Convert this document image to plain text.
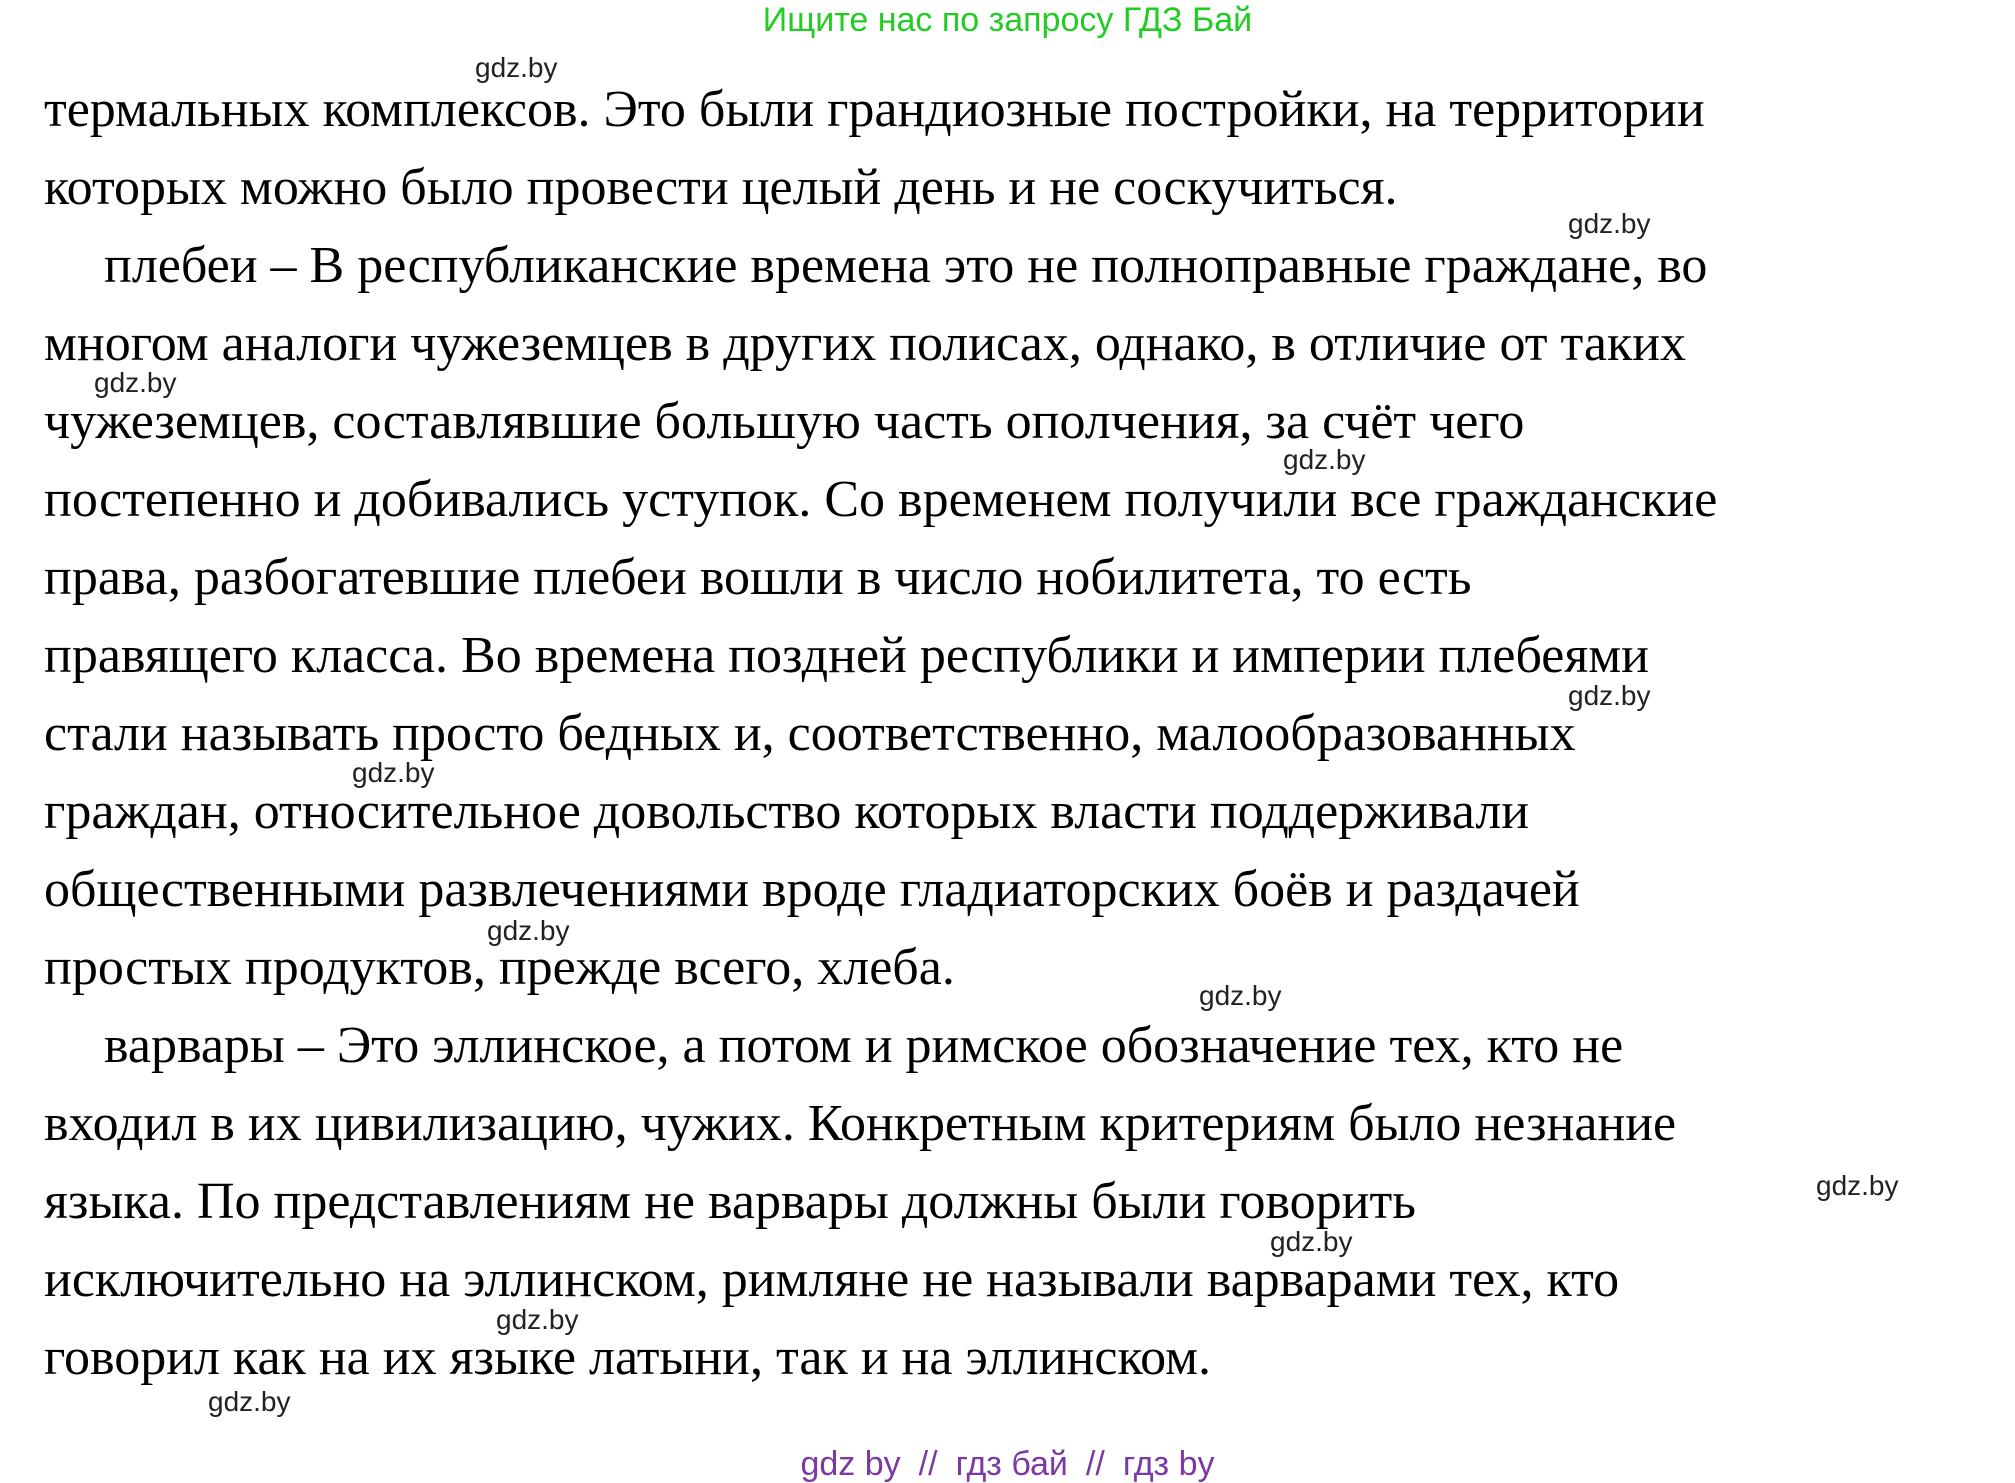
Ищите нас по запросу ГДЗ Бай
термальных комплексов. Это были грандиозные постройки, на территории
которых можно было провести целый день и не соскучиться.
плебеи – В республиканские времена это не полноправные граждане, во
многом аналоги чужеземцев в других полисах, однако, в отличие от таких
чужеземцев, составлявшие большую часть ополчения, за счёт чего
постепенно и добивались уступок. Со временем получили все гражданские
права, разбогатевшие плебеи вошли в число нобилитета, то есть
правящего класса. Во времена поздней республики и империи плебеями
стали называть просто бедных и, соответственно, малообразованных
граждан, относительное довольство которых власти поддерживали
общественными развлечениями вроде гладиаторских боёв и раздачей
простых продуктов, прежде всего, хлеба.
варвары – Это эллинское, а потом и римское обозначение тех, кто не
входил в их цивилизацию, чужих. Конкретным критериям было незнание
языка. По представлениям не варвары должны были говорить
исключительно на эллинском, римляне не называли варварами тех, кто
говорил как на их языке латыни, так и на эллинском.
gdz.by
gdz.by
gdz.by
gdz.by
gdz.by
gdz.by
gdz.by
gdz.by
gdz.by
gdz.by
gdz.by
gdz.by
gdz by // гдз бай // гдз by
